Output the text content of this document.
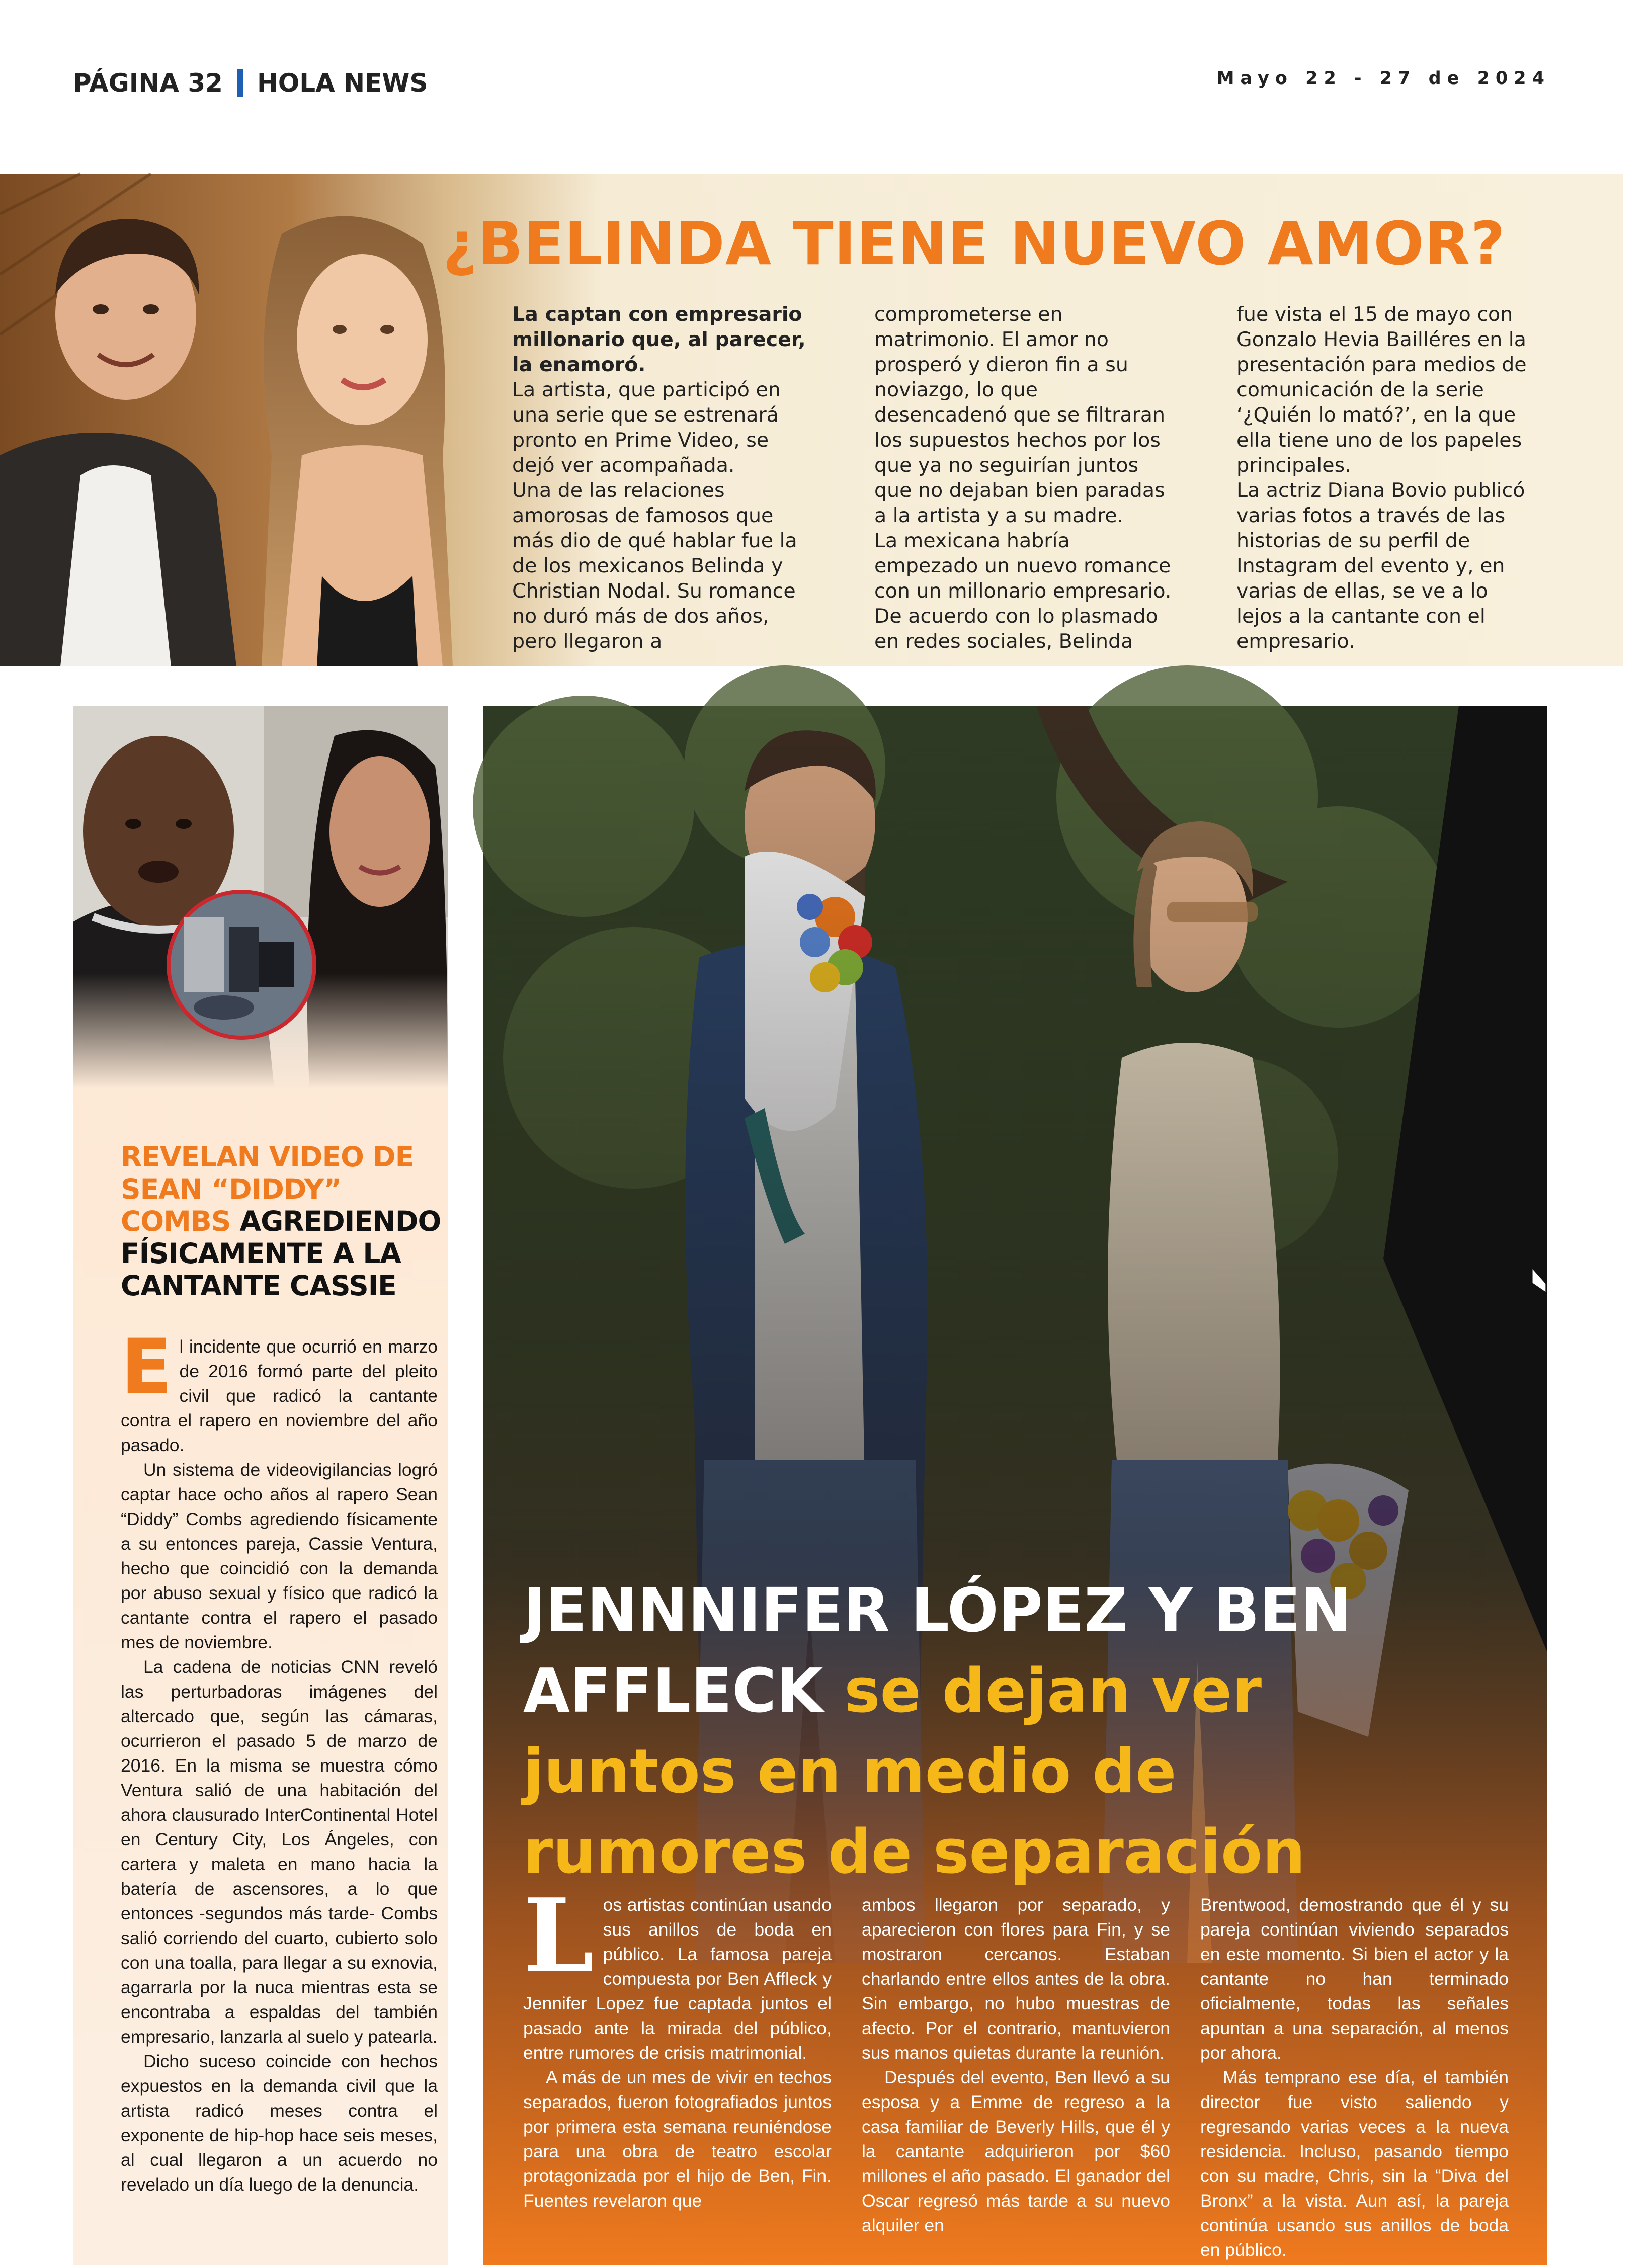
PÁGINA 32 HOLA NEWS	Mayo 22 - 27 de 2024
¿BELINDA TIENE NUEVO AMOR?

La captan con empresario millonario que, al parecer, la enamoró.

La artista, que participó en una serie que se estrenará pronto en Prime Video, se dejó ver acompañada.

Una de las relaciones amorosas de famosos que más dio de qué hablar fue la de los mexicanos Belinda y Christian Nodal. Su romance no duró más de dos años, pero llegaron a

comprometerse en matrimonio. El amor no prosperó y dieron fin a su noviazgo, lo que desencadenó que se filtraran los supuestos hechos por los que ya no seguirían juntos que no dejaban bien paradas a la artista y a su madre.

La mexicana habría empezado un nuevo romance con un millonario empresario. De acuerdo con lo plasmado en redes sociales, Belinda

fue vista el 15 de mayo con Gonzalo Hevia Bailléres en la presentación para medios de comunicación de la serie ‘¿Quién lo mató?’, en la que ella tiene uno de los papeles principales.

La actriz Diana Bovio publicó varias fotos a través de las historias de su perfil de Instagram del evento y, en varias de ellas, se ve a lo lejos a la cantante con el empresario.

REVELAN VIDEO DE SEAN “DIDDY” COMBS AGREDIENDO FÍSICAMENTE A LA CANTANTE CASSIE

El incidente que ocurrió en marzo de 2016 formó parte del pleito civil que radicó la cantante contra el rapero en noviembre del año pasado.

Un sistema de videovigilancias logró captar hace ocho años al rapero Sean “Diddy” Combs agrediendo físicamente a su entonces pareja, Cassie Ventura, hecho que coincidió con la demanda por abuso sexual y físico que radicó la cantante contra el rapero el pasado mes de noviembre.

La cadena de noticias CNN reveló las perturbadoras imágenes del altercado que, según las cámaras, ocurrieron el pasado 5 de marzo de 2016. En la misma se muestra cómo Ventura salió de una habitación del ahora clausurado InterContinental Hotel en Century City, Los Ángeles, con cartera y maleta en mano hacia la batería de ascensores, a lo que entonces -segundos más tarde- Combs salió corriendo del cuarto, cubierto solo con una toalla, para llegar a su exnovia, agarrarla por la nuca mientras esta se encontraba a espaldas del también empresario, lanzarla al suelo y patearla.

Dicho suceso coincide con hechos expuestos en la demanda civil que la artista radicó meses contra el exponente de hip-hop hace seis meses, al cual llegaron a un acuerdo no revelado un día luego de la denuncia.

FARÁNDULA
JENNNIFER LÓPEZ Y BEN AFFLECK se dejan ver juntos en medio de rumores de separación

Los artistas continúan usando sus anillos de boda en público. La famosa pareja compuesta por Ben Affleck y Jennifer Lopez fue captada juntos el pasado ante la mirada del público, entre rumores de crisis matrimonial.

A más de un mes de vivir en techos separados, fueron fotografiados juntos por primera esta semana reuniéndose para una obra de teatro escolar protagonizada por el hijo de Ben, Fin. Fuentes revelaron que

ambos llegaron por separado, y aparecieron con flores para Fin, y se mostraron cercanos. Estaban charlando entre ellos antes de la obra. Sin embargo, no hubo muestras de afecto. Por el contrario, mantuvieron sus manos quietas durante la reunión.

Después del evento, Ben llevó a su esposa y a Emme de regreso a la casa familiar de Beverly Hills, que él y la cantante adquirieron por $60 millones el año pasado. El ganador del Oscar regresó más tarde a su nuevo alquiler en

Brentwood, demostrando que él y su pareja continúan viviendo separados en este momento. Si bien el actor y la cantante no han terminado oficialmente, todas las señales apuntan a una separación, al menos por ahora.

Más temprano ese día, el también director fue visto saliendo y regresando varias veces a la nueva residencia. Incluso, pasando tiempo con su madre, Chris, sin la “Diva del Bronx” a la vista. Aun así, la pareja continúa usando sus anillos de boda en público.
